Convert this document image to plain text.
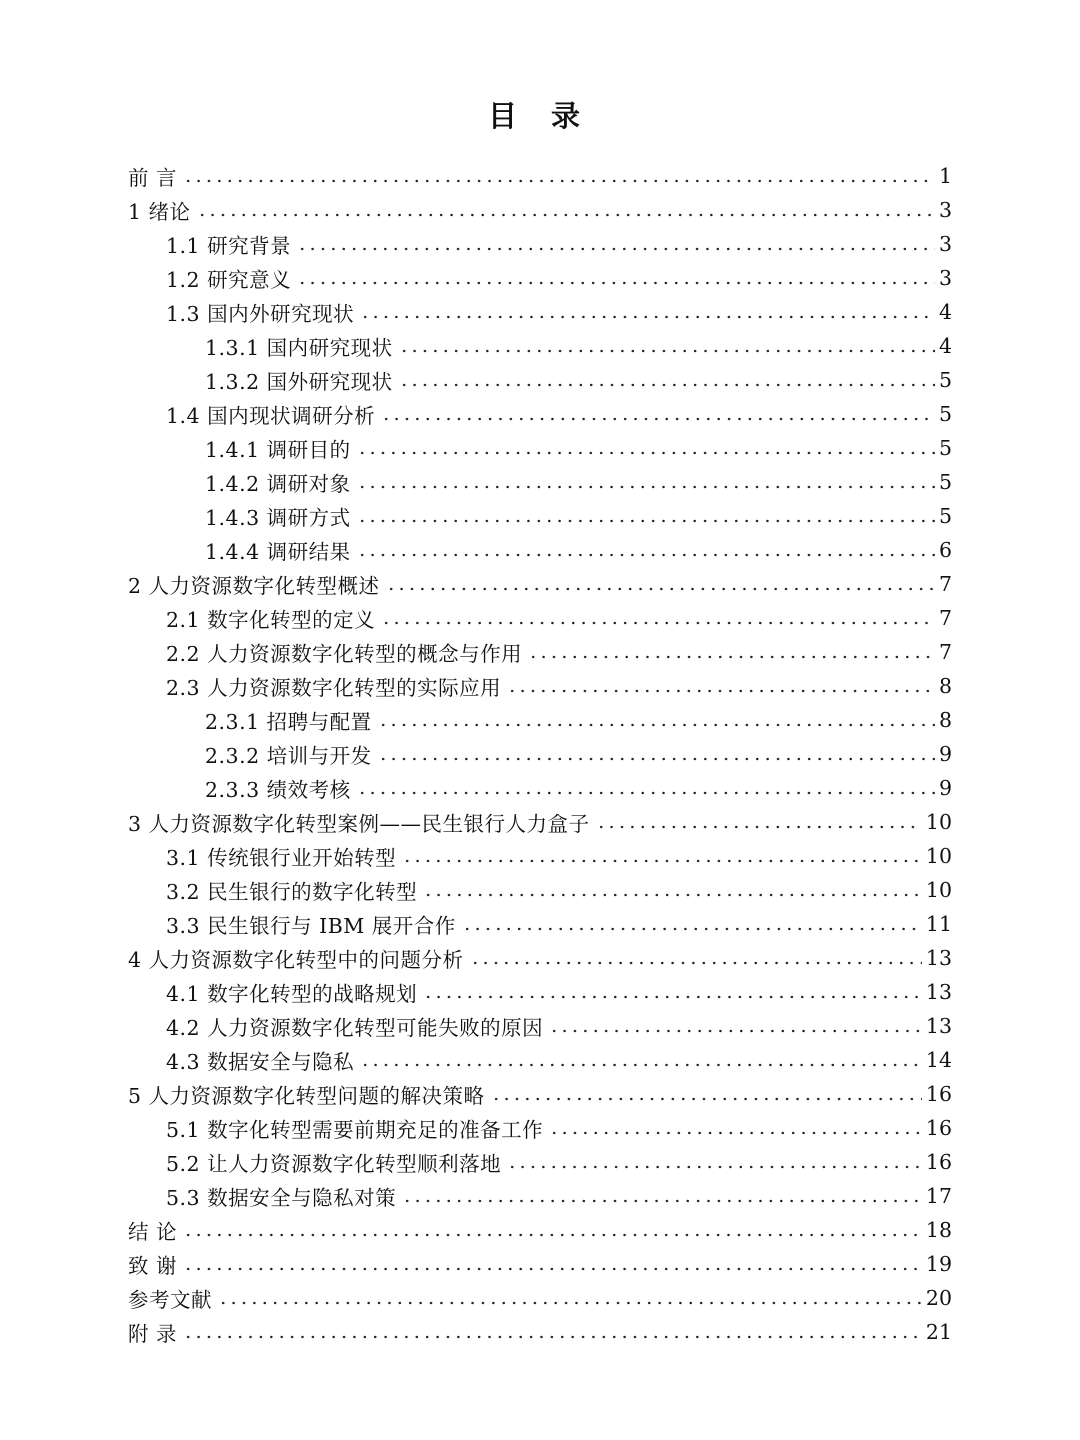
目 录
前 言	1
1 绪论	3
1.1 研究背景	3
1.2 研究意义	3
1.3 国内外研究现状	4
1.3.1 国内研究现状	4
1.3.2 国外研究现状	5
1.4 国内现状调研分析	5
1.4.1 调研目的	5
1.4.2 调研对象	5
1.4.3 调研方式	5
1.4.4 调研结果	6
2 人力资源数字化转型概述	7
2.1 数字化转型的定义	7
2.2 人力资源数字化转型的概念与作用	7
2.3 人力资源数字化转型的实际应用	8
2.3.1 招聘与配置	8
2.3.2 培训与开发	9
2.3.3 绩效考核	9
3 人力资源数字化转型案例——民生银行人力盒子	10
3.1 传统银行业开始转型	10
3.2 民生银行的数字化转型	10
3.3 民生银行与 IBM 展开合作	11
4 人力资源数字化转型中的问题分析	13
4.1 数字化转型的战略规划	13
4.2 人力资源数字化转型可能失败的原因	13
4.3 数据安全与隐私	14
5 人力资源数字化转型问题的解决策略	16
5.1 数字化转型需要前期充足的准备工作	16
5.2 让人力资源数字化转型顺利落地	16
5.3 数据安全与隐私对策	17
结 论	18
致 谢	19
参考文献	20
附 录	21
